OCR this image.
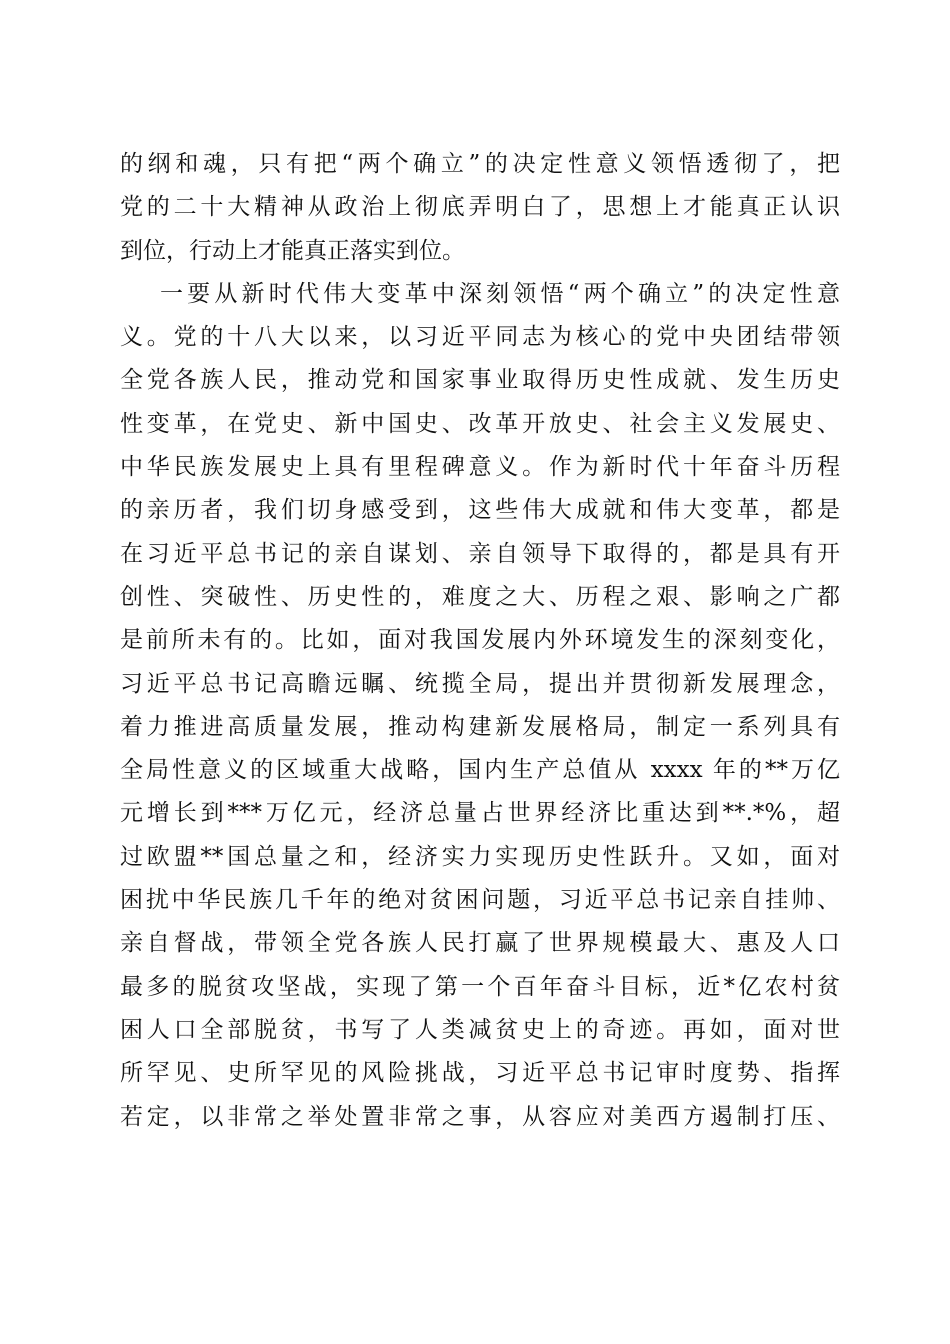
的纲和魂，只有把“两个确立”的决定性意义领悟透彻了，把
党的二十大精神从政治上彻底弄明白了，思想上才能真正认识
到位，行动上才能真正落实到位。
一要从新时代伟大变革中深刻领悟“两个确立”的决定性意
义。党的十八大以来，以习近平同志为核心的党中央团结带领
全党各族人民，推动党和国家事业取得历史性成就、发生历史
性变革，在党史、新中国史、改革开放史、社会主义发展史、
中华民族发展史上具有里程碑意义。作为新时代十年奋斗历程
的亲历者，我们切身感受到，这些伟大成就和伟大变革，都是
在习近平总书记的亲自谋划、亲自领导下取得的，都是具有开
创性、突破性、历史性的，难度之大、历程之艰、影响之广都
是前所未有的。比如，面对我国发展内外环境发生的深刻变化，
习近平总书记高瞻远瞩、统揽全局，提出并贯彻新发展理念，
着力推进高质量发展，推动构建新发展格局，制定一系列具有
全局性意义的区域重大战略，国内生产总值从 xxxx 年的**万亿
元增长到***万亿元，经济总量占世界经济比重达到**.*%，超
过欧盟**国总量之和，经济实力实现历史性跃升。又如，面对
困扰中华民族几千年的绝对贫困问题，习近平总书记亲自挂帅、
亲自督战，带领全党各族人民打赢了世界规模最大、惠及人口
最多的脱贫攻坚战，实现了第一个百年奋斗目标，近*亿农村贫
困人口全部脱贫，书写了人类减贫史上的奇迹。再如，面对世
所罕见、史所罕见的风险挑战，习近平总书记审时度势、指挥
若定，以非常之举处置非常之事，从容应对美西方遏制打压、
